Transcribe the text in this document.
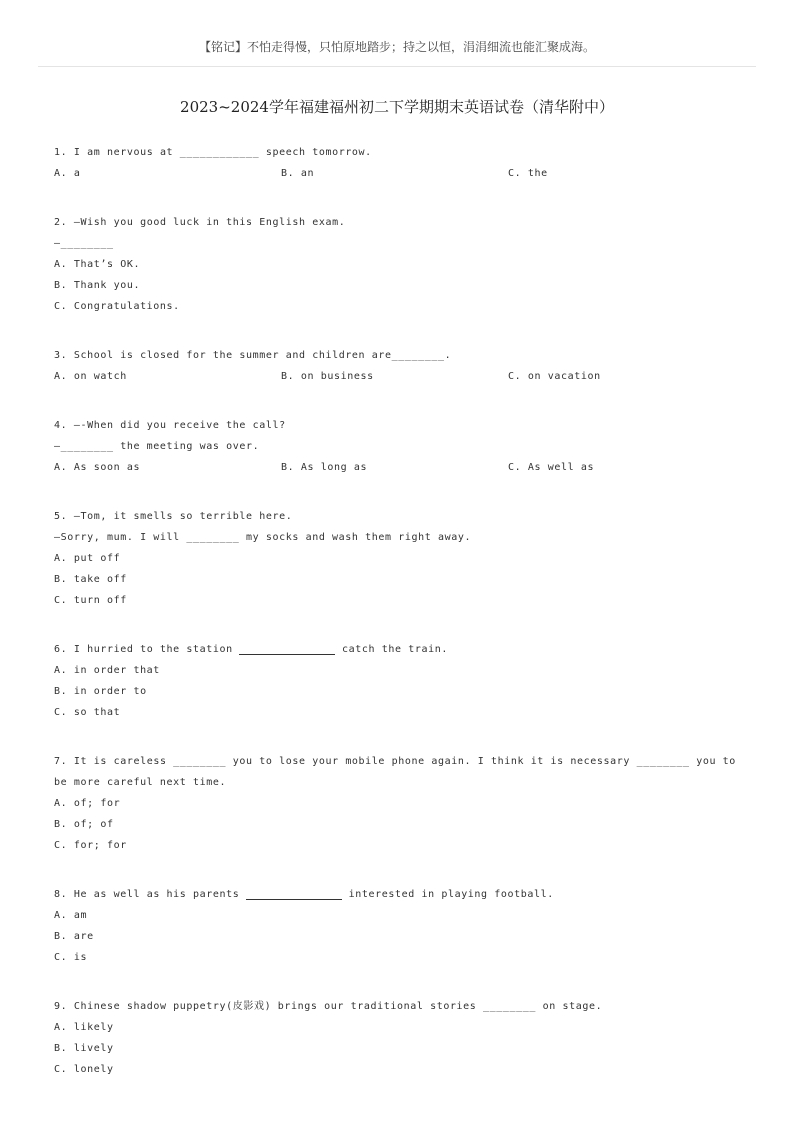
【铭记】不怕走得慢，只怕原地踏步；持之以恒，涓涓细流也能汇聚成海。
2023~2024学年福建福州初二下学期期末英语试卷（清华附中）
1. I am nervous at ____________ speech tomorrow.
A. a	B. an	C. the
2. —Wish you good luck in this English exam.
—________
A. That’s OK.
B. Thank you.
C. Congratulations.
3. School is closed for the summer and children are________.
A. on watch	B. on business	C. on vacation
4. —-When did you receive the call?
—________ the meeting was over.
A. As soon as	B. As long as	C. As well as
5. —Tom, it smells so terrible here.
—Sorry, mum. I will ________ my socks and wash them right away.
A. put off
B. take off
C. turn off
6. I hurried to the station	catch the train.
A. in order that
B. in order to
C. so that
7. It is careless ________ you to lose your mobile phone again. I think it is necessary ________ you to be more careful next time.
A. of; for
B. of; of
C. for; for
8. He as well as his parents	interested in playing football.
A. am
B. are
C. is
9. Chinese shadow puppetry(皮影戏) brings our traditional stories ________ on stage.
A. likely
B. lively
C. lonely
